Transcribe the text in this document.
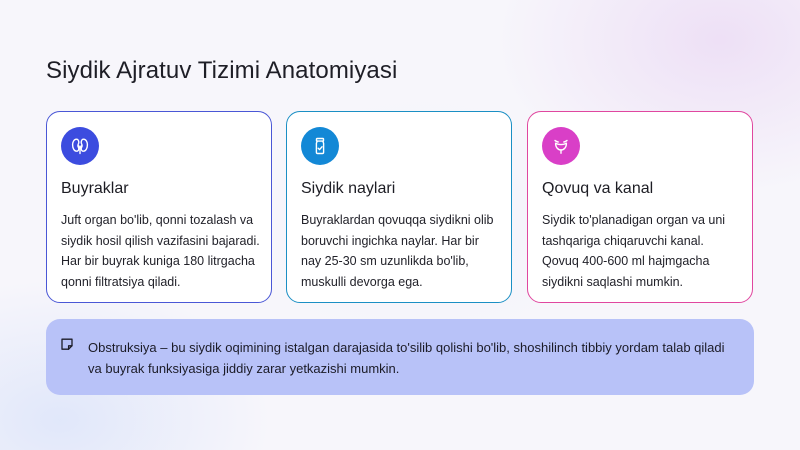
Siydik Ajratuv Tizimi Anatomiyasi
Buyraklar

Juft organ bo'lib, qonni tozalash va siydik hosil qilish vazifasini bajaradi. Har bir buyrak kuniga 180 litrgacha qonni filtratsiya qiladi.

Siydik naylari

Buyraklardan qovuqqa siydikni olib boruvchi ingichka naylar. Har bir nay 25-30 sm uzunlikda bo'lib, muskulli devorga ega.

Qovuq va kanal

Siydik to'planadigan organ va uni tashqariga chiqaruvchi kanal. Qovuq 400-600 ml hajmgacha siydikni saqlashi mumkin.

Obstruksiya – bu siydik oqimining istalgan darajasida to'silib qolishi bo'lib, shoshilinch tibbiy yordam talab qiladi va buyrak funksiyasiga jiddiy zarar yetkazishi mumkin.
